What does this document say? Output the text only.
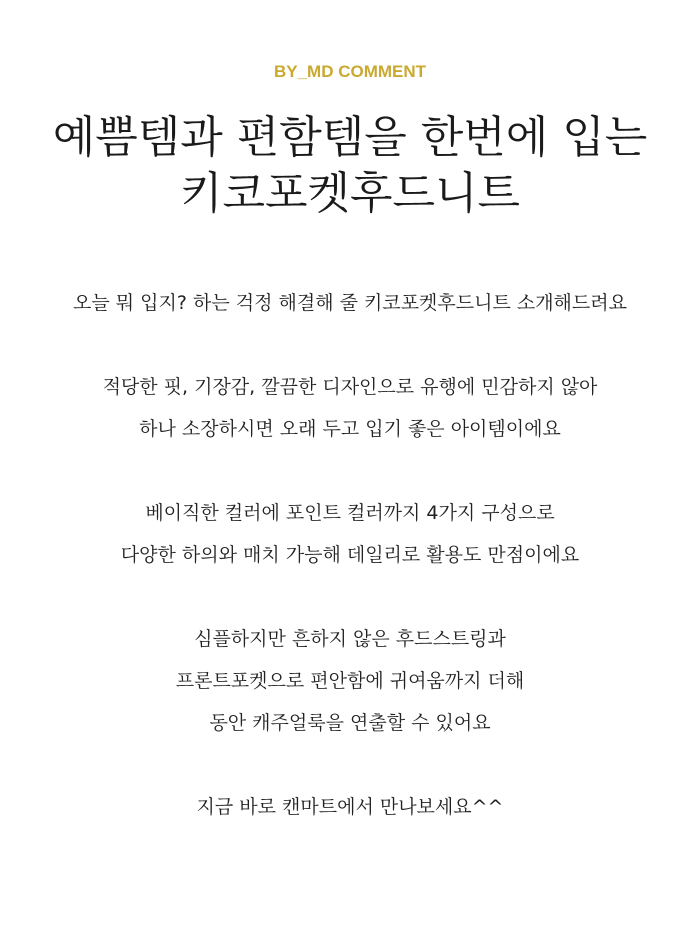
BY_MD COMMENT
예쁨템과 편함템을 한번에 입는
키코포켓후드니트

오늘 뭐 입지? 하는 걱정 해결해 줄 키코포켓후드니트 소개해드려요

적당한 핏, 기장감, 깔끔한 디자인으로 유행에 민감하지 않아
하나 소장하시면 오래 두고 입기 좋은 아이템이에요

베이직한 컬러에 포인트 컬러까지 4가지 구성으로
다양한 하의와 매치 가능해 데일리로 활용도 만점이에요

심플하지만 흔하지 않은 후드스트링과
프론트포켓으로 편안함에 귀여움까지 더해
동안 캐주얼룩을 연출할 수 있어요

지금 바로 캔마트에서 만나보세요^^
